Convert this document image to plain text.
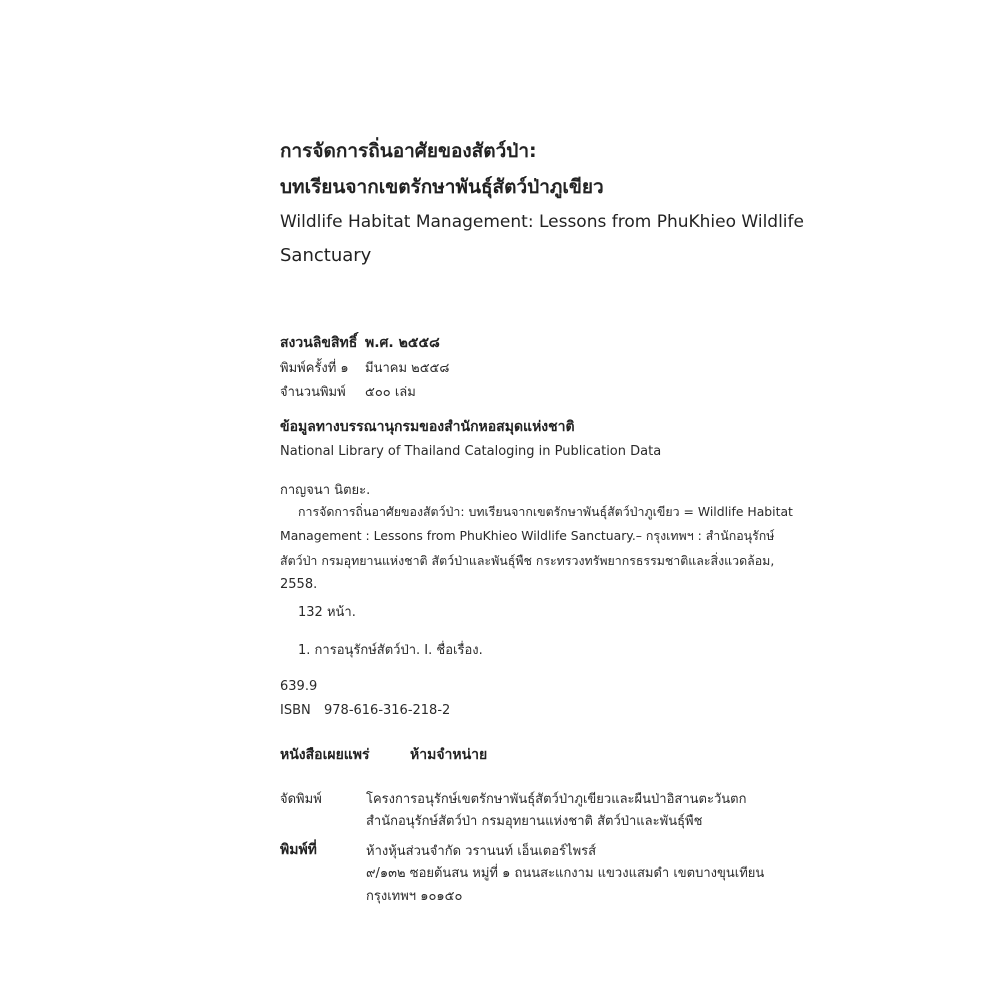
การจัดการถิ่นอาศัยของสัตว์ป่า:
บทเรียนจากเขตรักษาพันธุ์สัตว์ป่าภูเขียว
Wildlife Habitat Management: Lessons from PhuKhieo Wildlife
Sanctuary
สงวนลิขสิทธิ์ พ.ศ. ๒๕๕๘
พิมพ์ครั้งที่ ๑ มีนาคม ๒๕๕๘
จำนวนพิมพ์ ๕๐๐ เล่ม
ข้อมูลทางบรรณานุกรมของสำนักหอสมุดแห่งชาติ
National Library of Thailand Cataloging in Publication Data
กาญจนา นิตยะ.
การจัดการถิ่นอาศัยของสัตว์ป่า: บทเรียนจากเขตรักษาพันธุ์สัตว์ป่าภูเขียว = Wildlife Habitat
Management : Lessons from PhuKhieo Wildlife Sanctuary.– กรุงเทพฯ : สำนักอนุรักษ์
สัตว์ป่า กรมอุทยานแห่งชาติ สัตว์ป่าและพันธุ์พืช กระทรวงทรัพยากรธรรมชาติและสิ่งแวดล้อม,
2558.
132 หน้า.
1. การอนุรักษ์สัตว์ป่า. I. ชื่อเรื่อง.
639.9
ISBN 978-616-316-218-2
หนังสือเผยแพร่	ห้ามจำหน่าย
จัดพิมพ์	โครงการอนุรักษ์เขตรักษาพันธุ์สัตว์ป่าภูเขียวและผืนป่าอิสานตะวันตก
สำนักอนุรักษ์สัตว์ป่า กรมอุทยานแห่งชาติ สัตว์ป่าและพันธุ์พืช
พิมพ์ที่	ห้างหุ้นส่วนจำกัด วรานนท์ เอ็นเตอร์ไพรส์
๙/๑๓๒ ซอยต้นสน หมู่ที่ ๑ ถนนสะแกงาม แขวงแสมดำ เขตบางขุนเทียน
กรุงเทพฯ ๑๐๑๕๐
